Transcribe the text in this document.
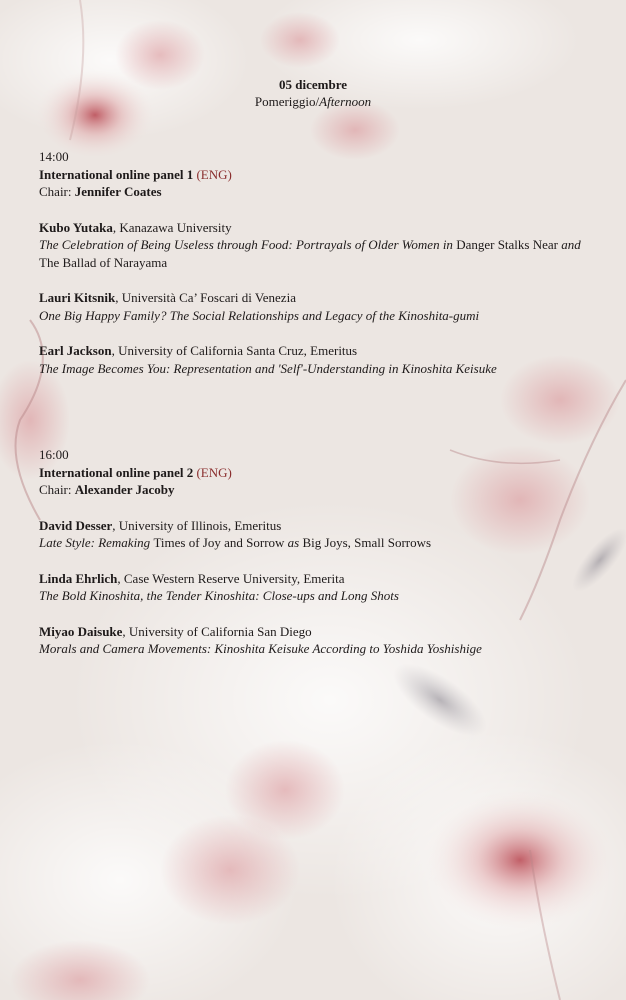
05 dicembre
Pomeriggio/Afternoon
14:00
International online panel 1 (ENG)
Chair: Jennifer Coates
Kubo Yutaka, Kanazawa University
The Celebration of Being Useless through Food: Portrayals of Older Women in Danger Stalks Near and The Ballad of Narayama
Lauri Kitsnik, Università Ca’ Foscari di Venezia
One Big Happy Family? The Social Relationships and Legacy of the Kinoshita-gumi
Earl Jackson, University of California Santa Cruz, Emeritus
The Image Becomes You: Representation and 'Self'-Understanding in Kinoshita Keisuke
16:00
International online panel 2 (ENG)
Chair: Alexander Jacoby
David Desser, University of Illinois, Emeritus
Late Style: Remaking Times of Joy and Sorrow as Big Joys, Small Sorrows
Linda Ehrlich, Case Western Reserve University, Emerita
The Bold Kinoshita, the Tender Kinoshita: Close-ups and Long Shots
Miyao Daisuke, University of California San Diego
Morals and Camera Movements: Kinoshita Keisuke According to Yoshida Yoshishige
